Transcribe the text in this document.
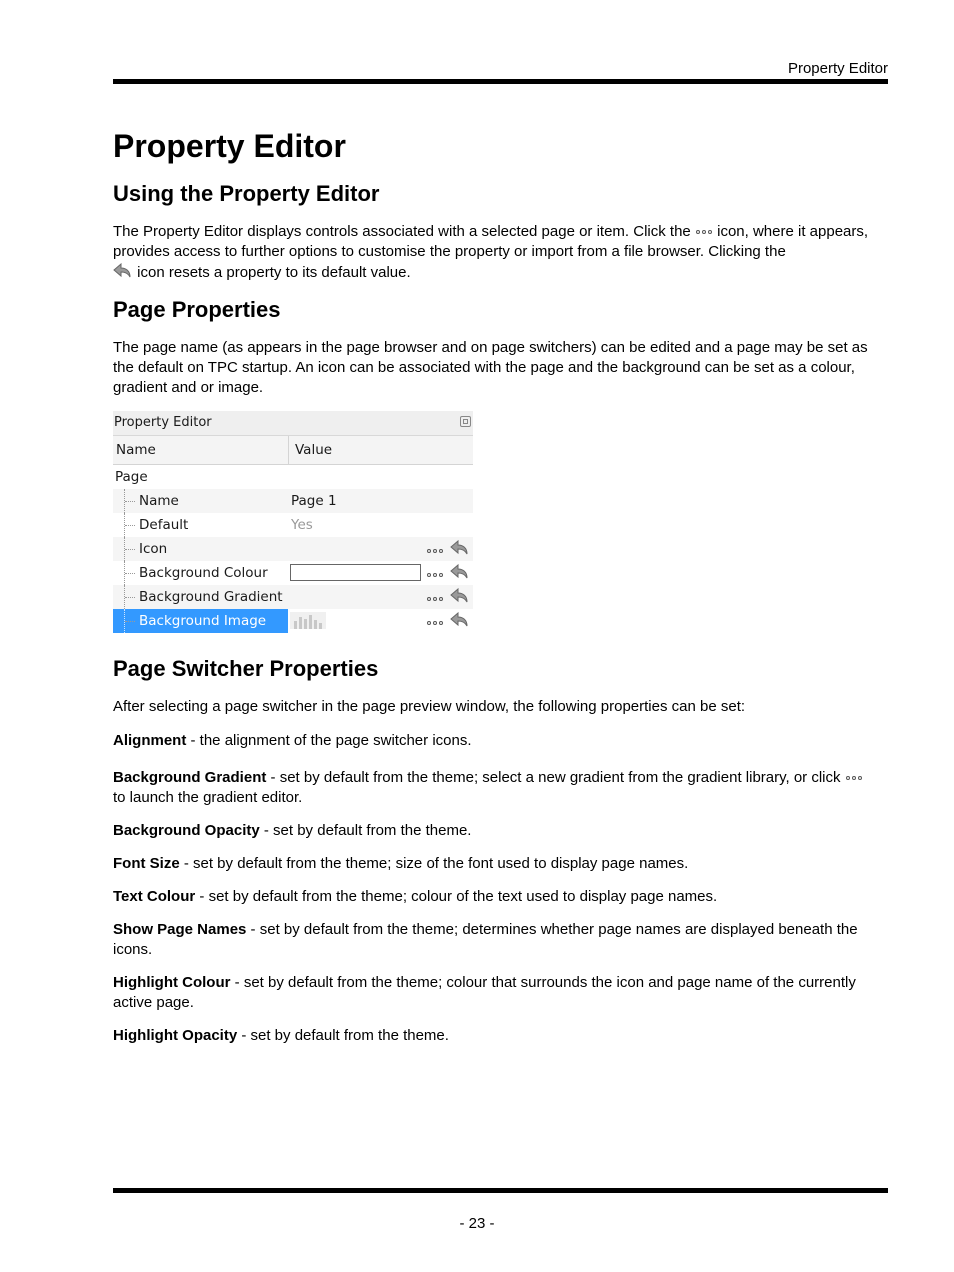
Property Editor
Property Editor
Using the Property Editor

The Property Editor displays controls associated with a selected page or item. Click the icon, where it appears, provides access to further options to customise the property or import from a file browser. Clicking the
icon resets a property to its default value.

Page Properties

The page name (as appears in the page browser and on page switchers) can be edited and a page may be set as the default on TPC startup. An icon can be associated with the page and the background can be set as a colour, gradient and or image.

Property Editor
Name	Value
Page
Name	Page 1
Default	Yes
Icon
Background Colour
Background Gradient
Background Image
Page Switcher Properties

After selecting a page switcher in the page preview window, the following properties can be set:

Alignment - the alignment of the page switcher icons.

Background Gradient - set by default from the theme; select a new gradient from the gradient library, or click

to launch the gradient editor.

Background Opacity - set by default from the theme.

Font Size - set by default from the theme; size of the font used to display page names.

Text Colour - set by default from the theme; colour of the text used to display page names.

Show Page Names - set by default from the theme; determines whether page names are displayed beneath the icons.

Highlight Colour - set by default from the theme; colour that surrounds the icon and page name of the currently active page.

Highlight Opacity - set by default from the theme.

- 23 -
